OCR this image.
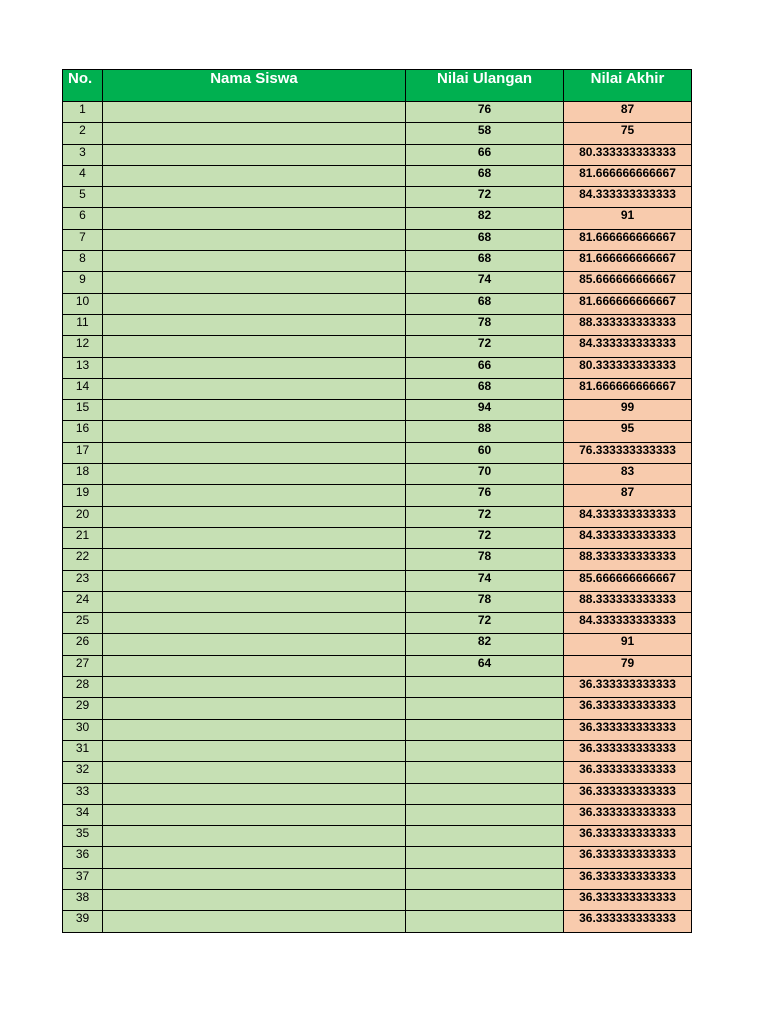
No.	Nama Siswa	Nilai Ulangan	Nilai Akhir
1		76	87
2		58	75
3		66	80.333333333333
4		68	81.666666666667
5		72	84.333333333333
6		82	91
7		68	81.666666666667
8		68	81.666666666667
9		74	85.666666666667
10		68	81.666666666667
11		78	88.333333333333
12		72	84.333333333333
13		66	80.333333333333
14		68	81.666666666667
15		94	99
16		88	95
17		60	76.333333333333
18		70	83
19		76	87
20		72	84.333333333333
21		72	84.333333333333
22		78	88.333333333333
23		74	85.666666666667
24		78	88.333333333333
25		72	84.333333333333
26		82	91
27		64	79
28			36.333333333333
29			36.333333333333
30			36.333333333333
31			36.333333333333
32			36.333333333333
33			36.333333333333
34			36.333333333333
35			36.333333333333
36			36.333333333333
37			36.333333333333
38			36.333333333333
39			36.333333333333
